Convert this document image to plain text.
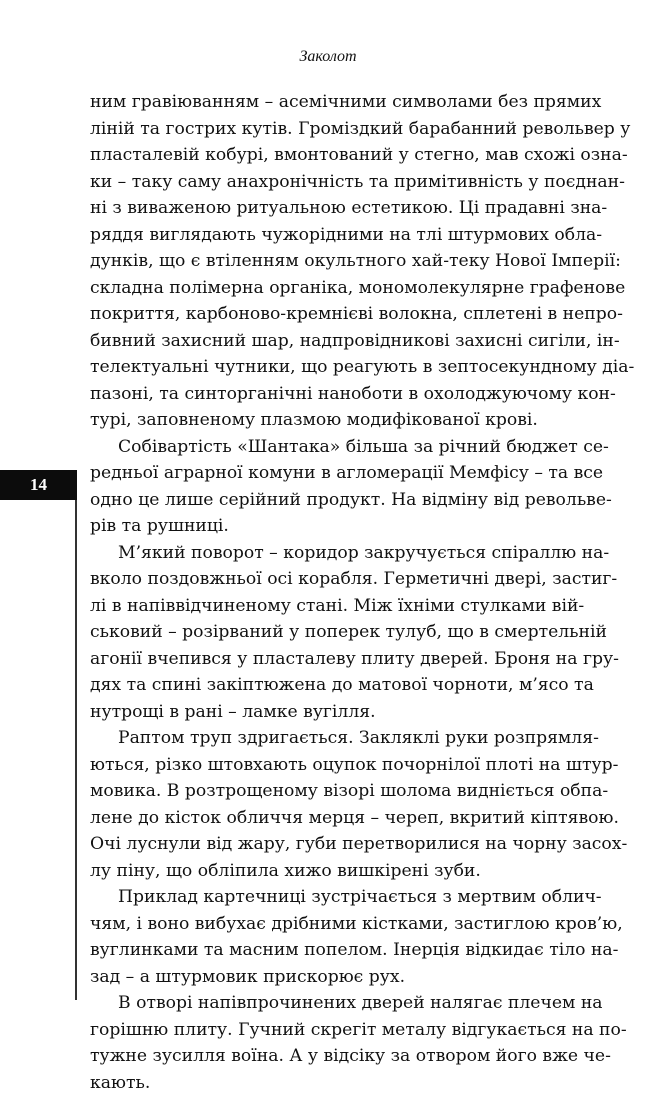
Заколот
14
ним гравіюванням – асемічними символами без прямих
ліній та гострих кутів. Громіздкий барабанний револьвер у
пласталевій кобурі, вмонтований у стегно, мав схожі озна-
ки – таку саму анахронічність та примітивність у поєднан-
ні з виваженою ритуальною естетикою. Ці прадавні зна-
ряддя виглядають чужорідними на тлі штурмових обла-
дунків, що є втіленням окультного хай-теку Нової Імперії:
складна полімерна органіка, мономолекулярне графенове
покриття, карбоново-кремнієві волокна, сплетені в непро-
бивний захисний шар, надпровідникові захисні сигіли, ін-
телектуальні чутники, що реагують в зептосекундному діа-
пазоні, та синторганічні нанoботи в охолоджуючому кон-
турі, заповненому плазмою модифікованої крові.
Собівартість «Шантака» більша за річний бюджет се-
редньої аграрної комуни в агломерації Мемфісу – та все
одно це лише серійний продукт. На відміну від револьве-
рів та рушниці.
М’який поворот – коридор закручується спіраллю на-
вколо поздовжньої осі корабля. Герметичні двері, застиг-
лі в напіввідчиненому стані. Між їхніми стулками вій-
ськовий – розірваний у поперек тулуб, що в смертельній
агонії вчепився у пласталеву плиту дверей. Броня на гру-
дях та спині закіптюжена до матової чорноти, м’ясо та
нутрощі в рані – ламке вугілля.
Раптом труп здригається. Закляклі руки розпрямля-
ються, різко штовхають оцупок почорнілої плоті на штур-
мовика. В розтрощеному візорі шолома видніється обпа-
лене до кісток обличчя мерця – череп, вкритий кіптявою.
Очі луснули від жару, губи перетворилися на чорну засох-
лу піну, що обліпила хижо вишкірені зуби.
Приклад картечниці зустрічається з мертвим облич-
чям, і воно вибухає дрібними кістками, застиглою кров’ю,
вуглинками та масним попелом. Інерція відкидає тіло на-
зад – а штурмовик прискорює рух.
В отворі напівпрочинених дверей налягає плечем на
горішню плиту. Гучний скрегіт металу відгукається на по-
тужне зусилля воїна. А у відсіку за отвором його вже че-
кають.
